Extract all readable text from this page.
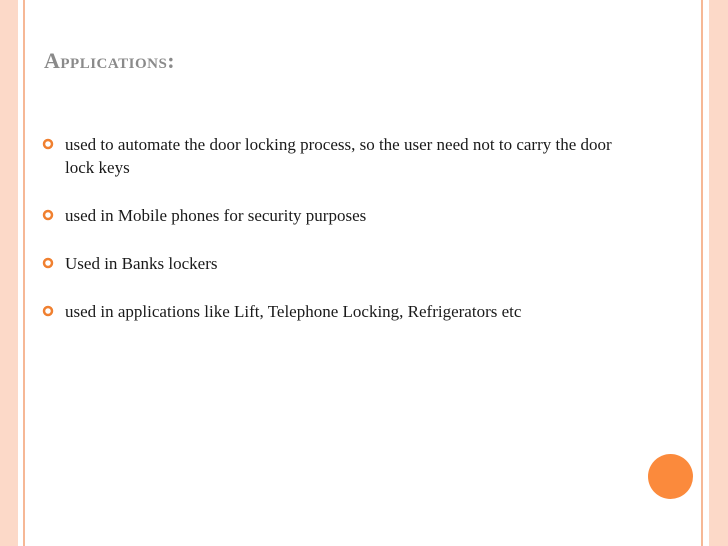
Applications:
used to automate the door locking process, so the user need not to carry the door lock keys
used in Mobile phones for security purposes
Used in Banks lockers
used in applications like Lift, Telephone Locking, Refrigerators etc
